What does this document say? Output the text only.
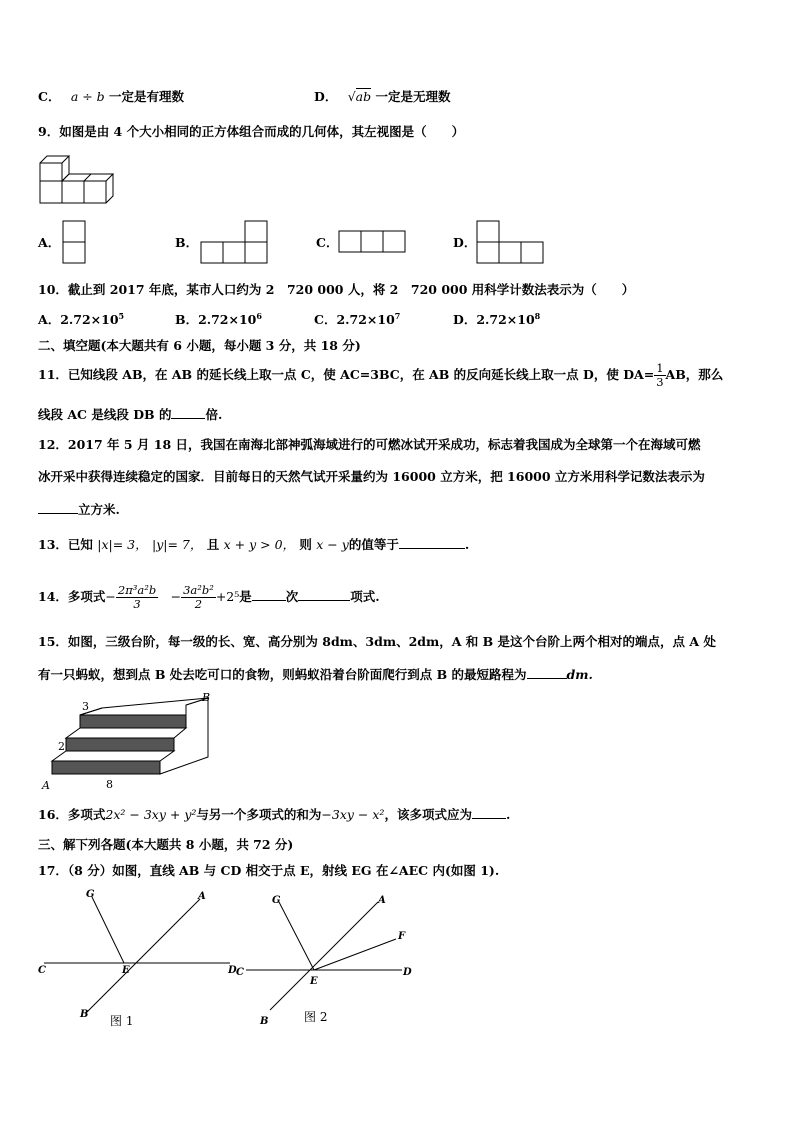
C． a ÷ b 一定是有理数	D． √ab 一定是无理数
9．如图是由 4 个大小相同的正方体组合而成的几何体，其左视图是（　　）
A．	B．	C．	D．
10．截止到 2017 年底，某市人口约为 2　720 000 人，将 2　720 000 用科学计数法表示为（　　）
A．$2.72\times 10^5$	B．$2.72\times 10^6$	C．$2.72\times 10^7$	D．$2.72\times 10^8$
二、填空题(本大题共有 6 小题，每小题 3 分，共 18 分)
11．已知线段 AB，在 AB 的延长线上取一点 C，使 AC=3BC，在 AB 的反向延长线上取一点 D，使 $DA= \frac{1}{3}$ AB，那么
线段 AC 是线段 DB 的	倍.
12．2017 年 5 月 18 日，我国在南海北部神弧海域进行的可燃冰试开采成功，标志着我国成为全球第一个在海域可燃
冰开采中获得连续稳定的国家．目前每日的天然气试开采量约为 16000 立方米，把 16000 立方米用科学记数法表示为
立方米.
13．已知 |x|= 3， |y|= 7， 且 x + y > 0， 则 x − y的值等于	.
14．多项式− $\frac{\text{2π³a²b}}{3} - \frac{\text{3a²b²}}{2} +2^5$是	次	项式.
15．如图，三级台阶，每一级的长、宽、高分别为 8dm、3dm、2dm，A 和 B 是这个台阶上两个相对的端点，点 A 处
有一只蚂蚁，想到点 B 处去吃可口的食物，则蚂蚁沿着台阶面爬行到点 B 的最短路程为	dm.
3
2
8
A
B
16．多项式2x² − 3xy + y²与另一个多项式的和为−3xy − x²，该多项式应为	.
三、解下列各题(本大题共 8 小题，共 72 分)
17．（8 分）如图，直线 AB 与 CD 相交于点 E，射线 EG 在∠AEC 内(如图 1).
G	A
C	E	D
B 图 1
G	A
F
C
E
D
B	图 2
